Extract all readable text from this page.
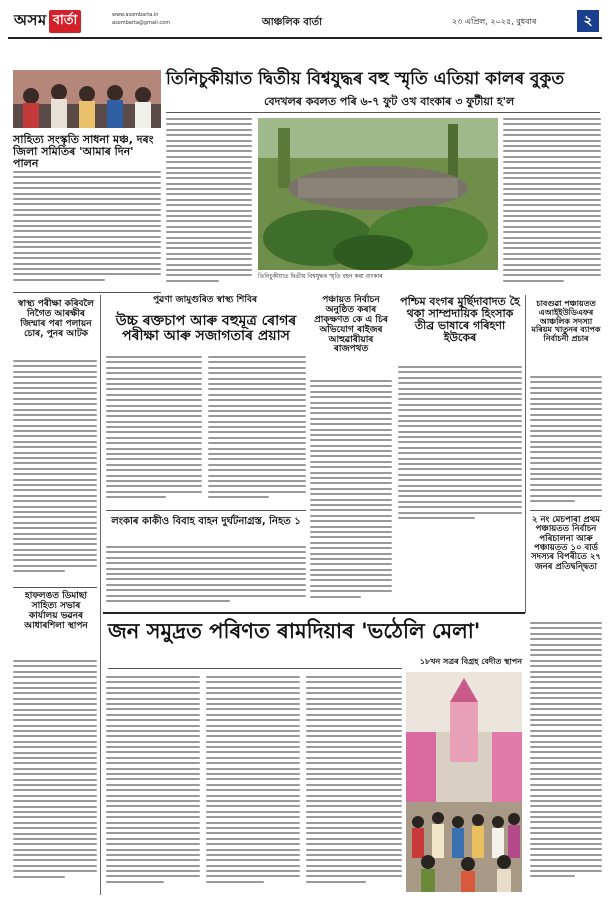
অসম বাৰ্তা	www.asombarta.in
asombarta@gmail.com	আঞ্চলিক বাৰ্তা	২৩ এপ্ৰিল, ২০২৫, বুধবাৰ	২
তিনিচুকীয়াত দ্বিতীয় বিশ্বযুদ্ধৰ বহু স্মৃতি এতিয়া কালৰ বুকুত
বেদখলৰ কবলত পৰি ৬-৭ ফুট ওখ বাংকাৰ ৩ ফুটীয়া হ'ল
সাহিত্য সংস্কৃতি সাধনা মঞ্চ, দৰং জিলা সমিতিৰ 'আমাৰ দিন' পালন
স্বাস্থ্য পৰীক্ষা কৰিবলৈ নিগৈত আৰক্ষীৰ জিম্মাৰ পৰা পলায়ন চোৰ, পুনৰ আটক
হাফলঙত ডিমাছা সাহিত্য সভাৰ কাৰ্যালয় ভৱনৰ আধাৰশিলা স্থাপন
তিনিচুকীয়াত দ্বিতীয় বিশ্বযুদ্ধৰ স্মৃতি বহন কৰা বাংকাৰ
পুৱণা জামুগুৰিত স্বাস্থ্য শিবিৰ
উচ্চ ৰক্তচাপ আৰু বহুমূত্ৰ ৰোগৰ পৰীক্ষা আৰু সজাগতাৰ প্ৰয়াস
পঞ্চায়ত নিৰ্বাচন অনুষ্ঠিত কৰাৰ প্ৰাক্ক্ষণত কে এ চিৰ অভিযোগ ৰাইজৰ আহুৱাৰীয়াৰ ৰাজপথত
পশ্চিম বংগৰ মুৰ্ছিদাবাদত হৈ থকা সাম্প্ৰদায়িক হিংসাক তীব্ৰ ভাষাৰে গৰিহণা ইউকেৰ
লংকাৰ কাকীও বিবাহ বাহন দুৰ্ঘটনাগ্ৰস্ত, নিহত ১
চাবগুৱা পঞ্চায়তত এআইইউডিএফৰ আঞ্চলিক সদস্যা মৰিয়ম খাতুনৰ ব্যাপক নিৰ্বাচনী প্ৰচাৰ
২ নং মেচপাৰা প্ৰথম পঞ্চায়তত নিৰ্বাচন পৰিচালনা আৰু পঞ্চায়তত ১০ বাৰ্ড সদস্যৰ বিপৰীতে ২৭ জনৰ প্ৰতিদ্বন্দ্বিতা
জন সমুদ্ৰত পৰিণত ৰামদিয়াৰ 'ভঠেলি মেলা'
১৮খন সত্ৰৰ বিগ্ৰহ বেদীত স্থাপন
